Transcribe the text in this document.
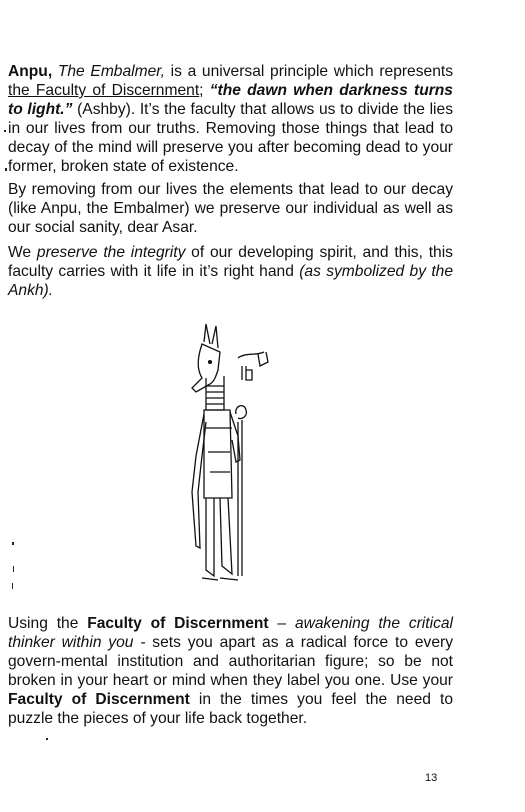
Anpu, The Embalmer, is a universal principle which represents the Faculty of Discernment; “the dawn when darkness turns to light.” (Ashby). It’s the faculty that allows us to divide the lies in our lives from our truths. Removing those things that lead to decay of the mind will preserve you after becoming dead to your former, broken state of existence.

By removing from our lives the elements that lead to our decay (like Anpu, the Embalmer) we preserve our individual as well as our social sanity, dear Asar.

We preserve the integrity of our developing spirit, and this, this faculty carries with it life in it’s right hand (as symbolized by the Ankh).

Using the Faculty of Discernment – awakening the critical thinker within you - sets you apart as a radical force to every govern-mental institution and authoritarian figure; so be not broken in your heart or mind when they label you one. Use your Faculty of Discernment in the times you feel the need to puzzle the pieces of your life back together.

13
